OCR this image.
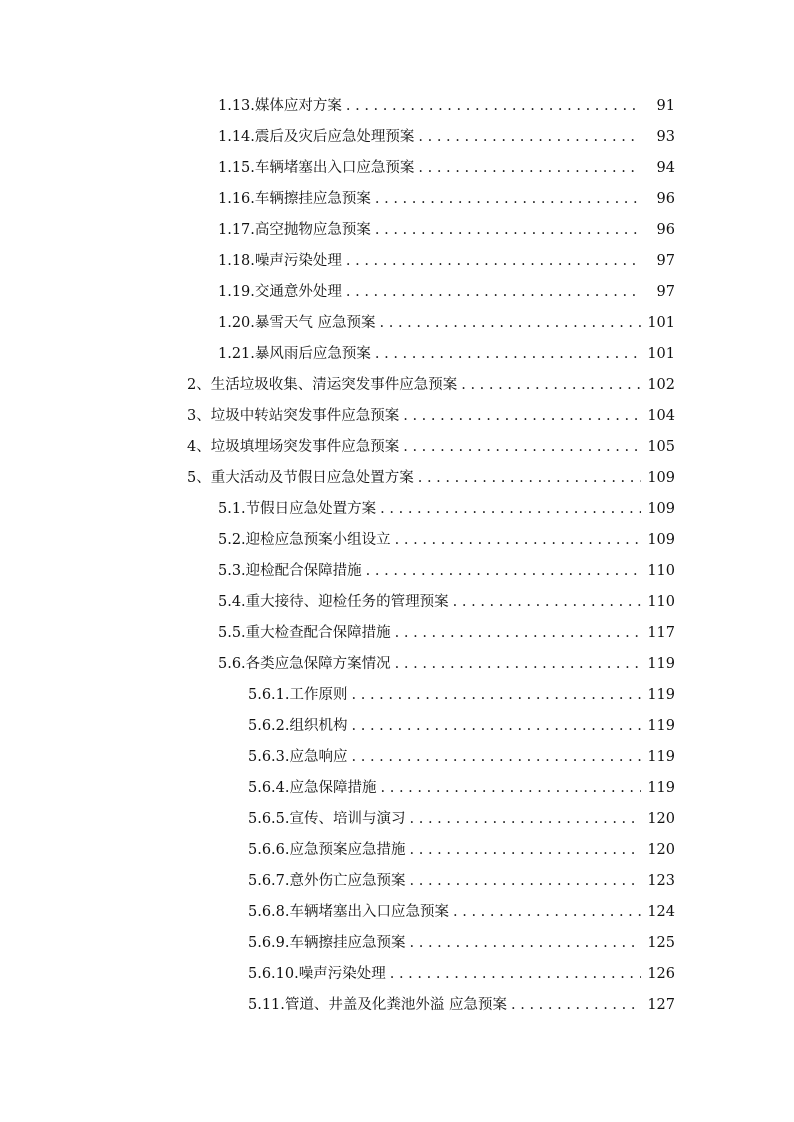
1.13.媒体应对方案 . . .	91
1.14.震后及灾后应急处理预案 . . .	93
1.15.车辆堵塞出入口应急预案 . . .	94
1.16.车辆擦挂应急预案 . . .	96
1.17.高空抛物应急预案 . . .	96
1.18.噪声污染处理 . . .	97
1.19.交通意外处理 . . .	97
1.20.暴雪天气 应急预案 . . .	101
1.21.暴风雨后应急预案 . . .	101
2、生活垃圾收集、清运突发事件应急预案 . . .	102
3、垃圾中转站突发事件应急预案 . . .	104
4、垃圾填埋场突发事件应急预案 . . .	105
5、重大活动及节假日应急处置方案 . . .	109
5.1.节假日应急处置方案 . . .	109
5.2.迎检应急预案小组设立 . . .	109
5.3.迎检配合保障措施 . . .	110
5.4.重大接待、迎检任务的管理预案 . . .	110
5.5.重大检查配合保障措施 . . .	117
5.6.各类应急保障方案情况 . . .	119
5.6.1.工作原则 . . .	119
5.6.2.组织机构 . . .	119
5.6.3.应急响应 . . .	119
5.6.4.应急保障措施 . . .	119
5.6.5.宣传、培训与演习 . . .	120
5.6.6.应急预案应急措施 . . .	120
5.6.7.意外伤亡应急预案 . . .	123
5.6.8.车辆堵塞出入口应急预案 . . .	124
5.6.9.车辆擦挂应急预案 . . .	125
5.6.10.噪声污染处理 . . .	126
5.11.管道、井盖及化粪池外溢 应急预案 . . .	127
